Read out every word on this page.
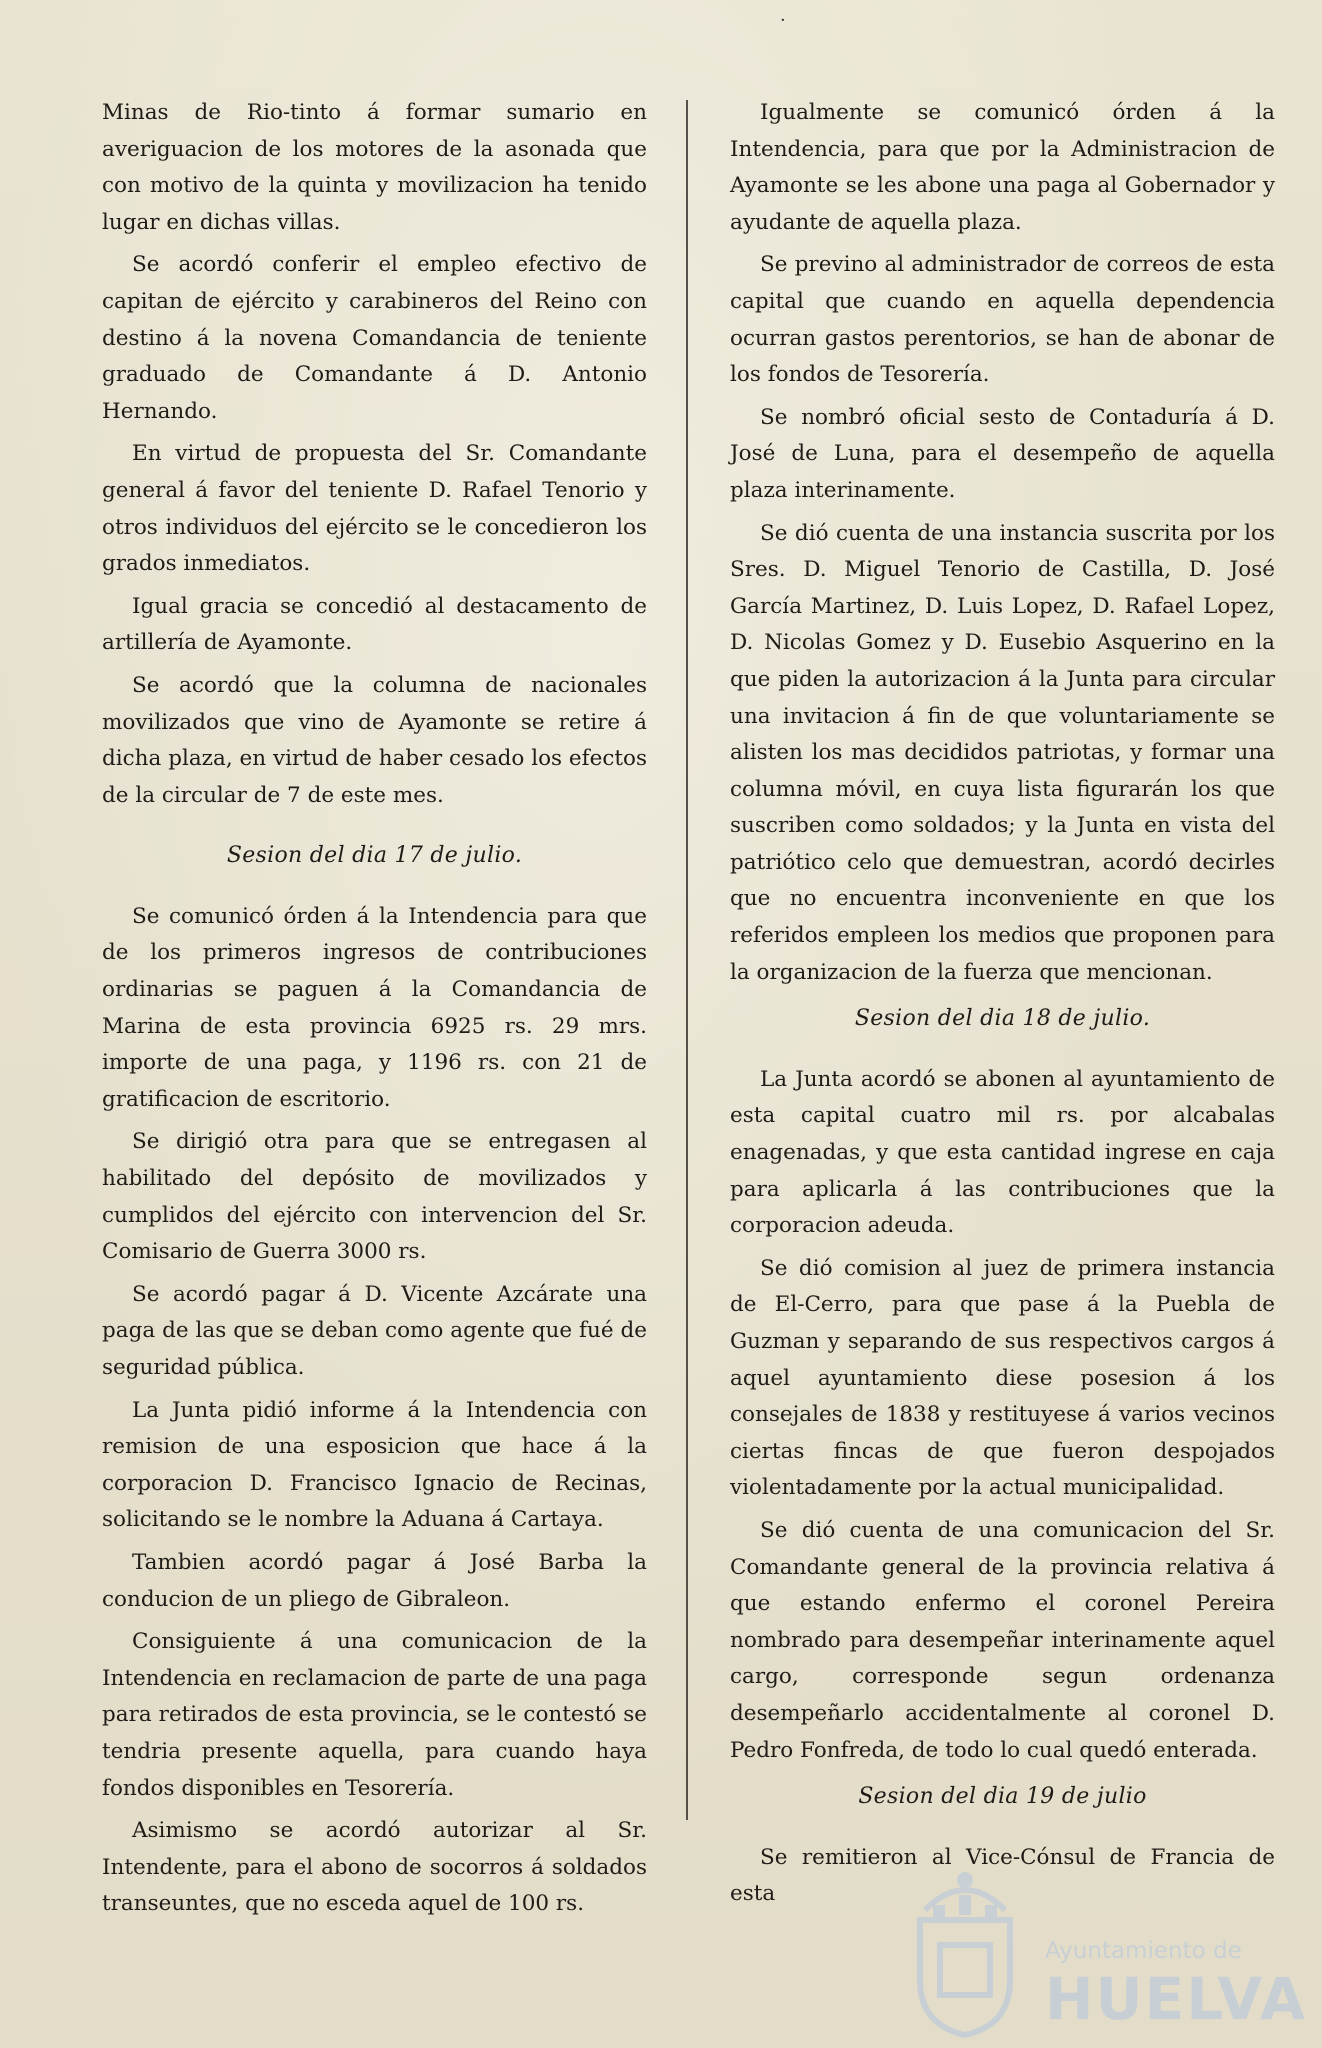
·

Minas de Rio-tinto á formar sumario en averiguacion de los motores de la asonada que con motivo de la quinta y movilizacion ha tenido lugar en dichas villas.

Se acordó conferir el empleo efectivo de capitan de ejército y carabineros del Reino con destino á la novena Comandancia de teniente graduado de Comandante á D. Antonio Hernando.

En virtud de propuesta del Sr. Comandante general á favor del teniente D. Rafael Tenorio y otros individuos del ejército se le concedieron los grados inmediatos.

Igual gracia se concedió al destacamento de artillería de Ayamonte.

Se acordó que la columna de nacionales movilizados que vino de Ayamonte se retire á dicha plaza, en virtud de haber cesado los efectos de la circular de 7 de este mes.

Sesion del dia 17 de julio.

Se comunicó órden á la Intendencia para que de los primeros ingresos de contribuciones ordinarias se paguen á la Comandancia de Marina de esta provincia 6925 rs. 29 mrs. importe de una paga, y 1196 rs. con 21 de gratificacion de escritorio.

Se dirigió otra para que se entregasen al habilitado del depósito de movilizados y cumplidos del ejército con intervencion del Sr. Comisario de Guerra 3000 rs.

Se acordó pagar á D. Vicente Azcárate una paga de las que se deban como agente que fué de seguridad pública.

La Junta pidió informe á la Intendencia con remision de una esposicion que hace á la corporacion D. Francisco Ignacio de Recinas, solicitando se le nombre la Aduana á Cartaya.

Tambien acordó pagar á José Barba la conducion de un pliego de Gibraleon.

Consiguiente á una comunicacion de la Intendencia en reclamacion de parte de una paga para retirados de esta provincia, se le contestó se tendria presente aquella, para cuando haya fondos disponibles en Tesorería.

Asimismo se acordó autorizar al Sr. Intendente, para el abono de socorros á soldados transeuntes, que no esceda aquel de 100 rs.

Igualmente se comunicó órden á la Intendencia, para que por la Administracion de Ayamonte se les abone una paga al Gobernador y ayudante de aquella plaza.

Se previno al administrador de correos de esta capital que cuando en aquella dependencia ocurran gastos perentorios, se han de abonar de los fondos de Tesorería.

Se nombró oficial sesto de Contaduría á D. José de Luna, para el desempeño de aquella plaza interinamente.

Se dió cuenta de una instancia suscrita por los Sres. D. Miguel Tenorio de Castilla, D. José García Martinez, D. Luis Lopez, D. Rafael Lopez, D. Nicolas Gomez y D. Eusebio Asquerino en la que piden la autorizacion á la Junta para circular una invitacion á fin de que voluntariamente se alisten los mas decididos patriotas, y formar una columna móvil, en cuya lista figurarán los que suscriben como soldados; y la Junta en vista del patriótico celo que demuestran, acordó decirles que no encuentra inconveniente en que los referidos empleen los medios que proponen para la organizacion de la fuerza que mencionan.

Sesion del dia 18 de julio.

La Junta acordó se abonen al ayuntamiento de esta capital cuatro mil rs. por alcabalas enagenadas, y que esta cantidad ingrese en caja para aplicarla á las contribuciones que la corporacion adeuda.

Se dió comision al juez de primera instancia de El-Cerro, para que pase á la Puebla de Guzman y separando de sus respectivos cargos á aquel ayuntamiento diese posesion á los consejales de 1838 y restituyese á varios vecinos ciertas fincas de que fueron despojados violentadamente por la actual municipalidad.

Se dió cuenta de una comunicacion del Sr. Comandante general de la provincia relativa á que estando enfermo el coronel Pereira nombrado para desempeñar interinamente aquel cargo, corresponde segun ordenanza desempeñarlo accidentalmente al coronel D. Pedro Fonfreda, de todo lo cual quedó enterada.

Sesion del dia 19 de julio

Se remitieron al Vice-Cónsul de Francia de esta

Ayuntamiento de
HUELVA
